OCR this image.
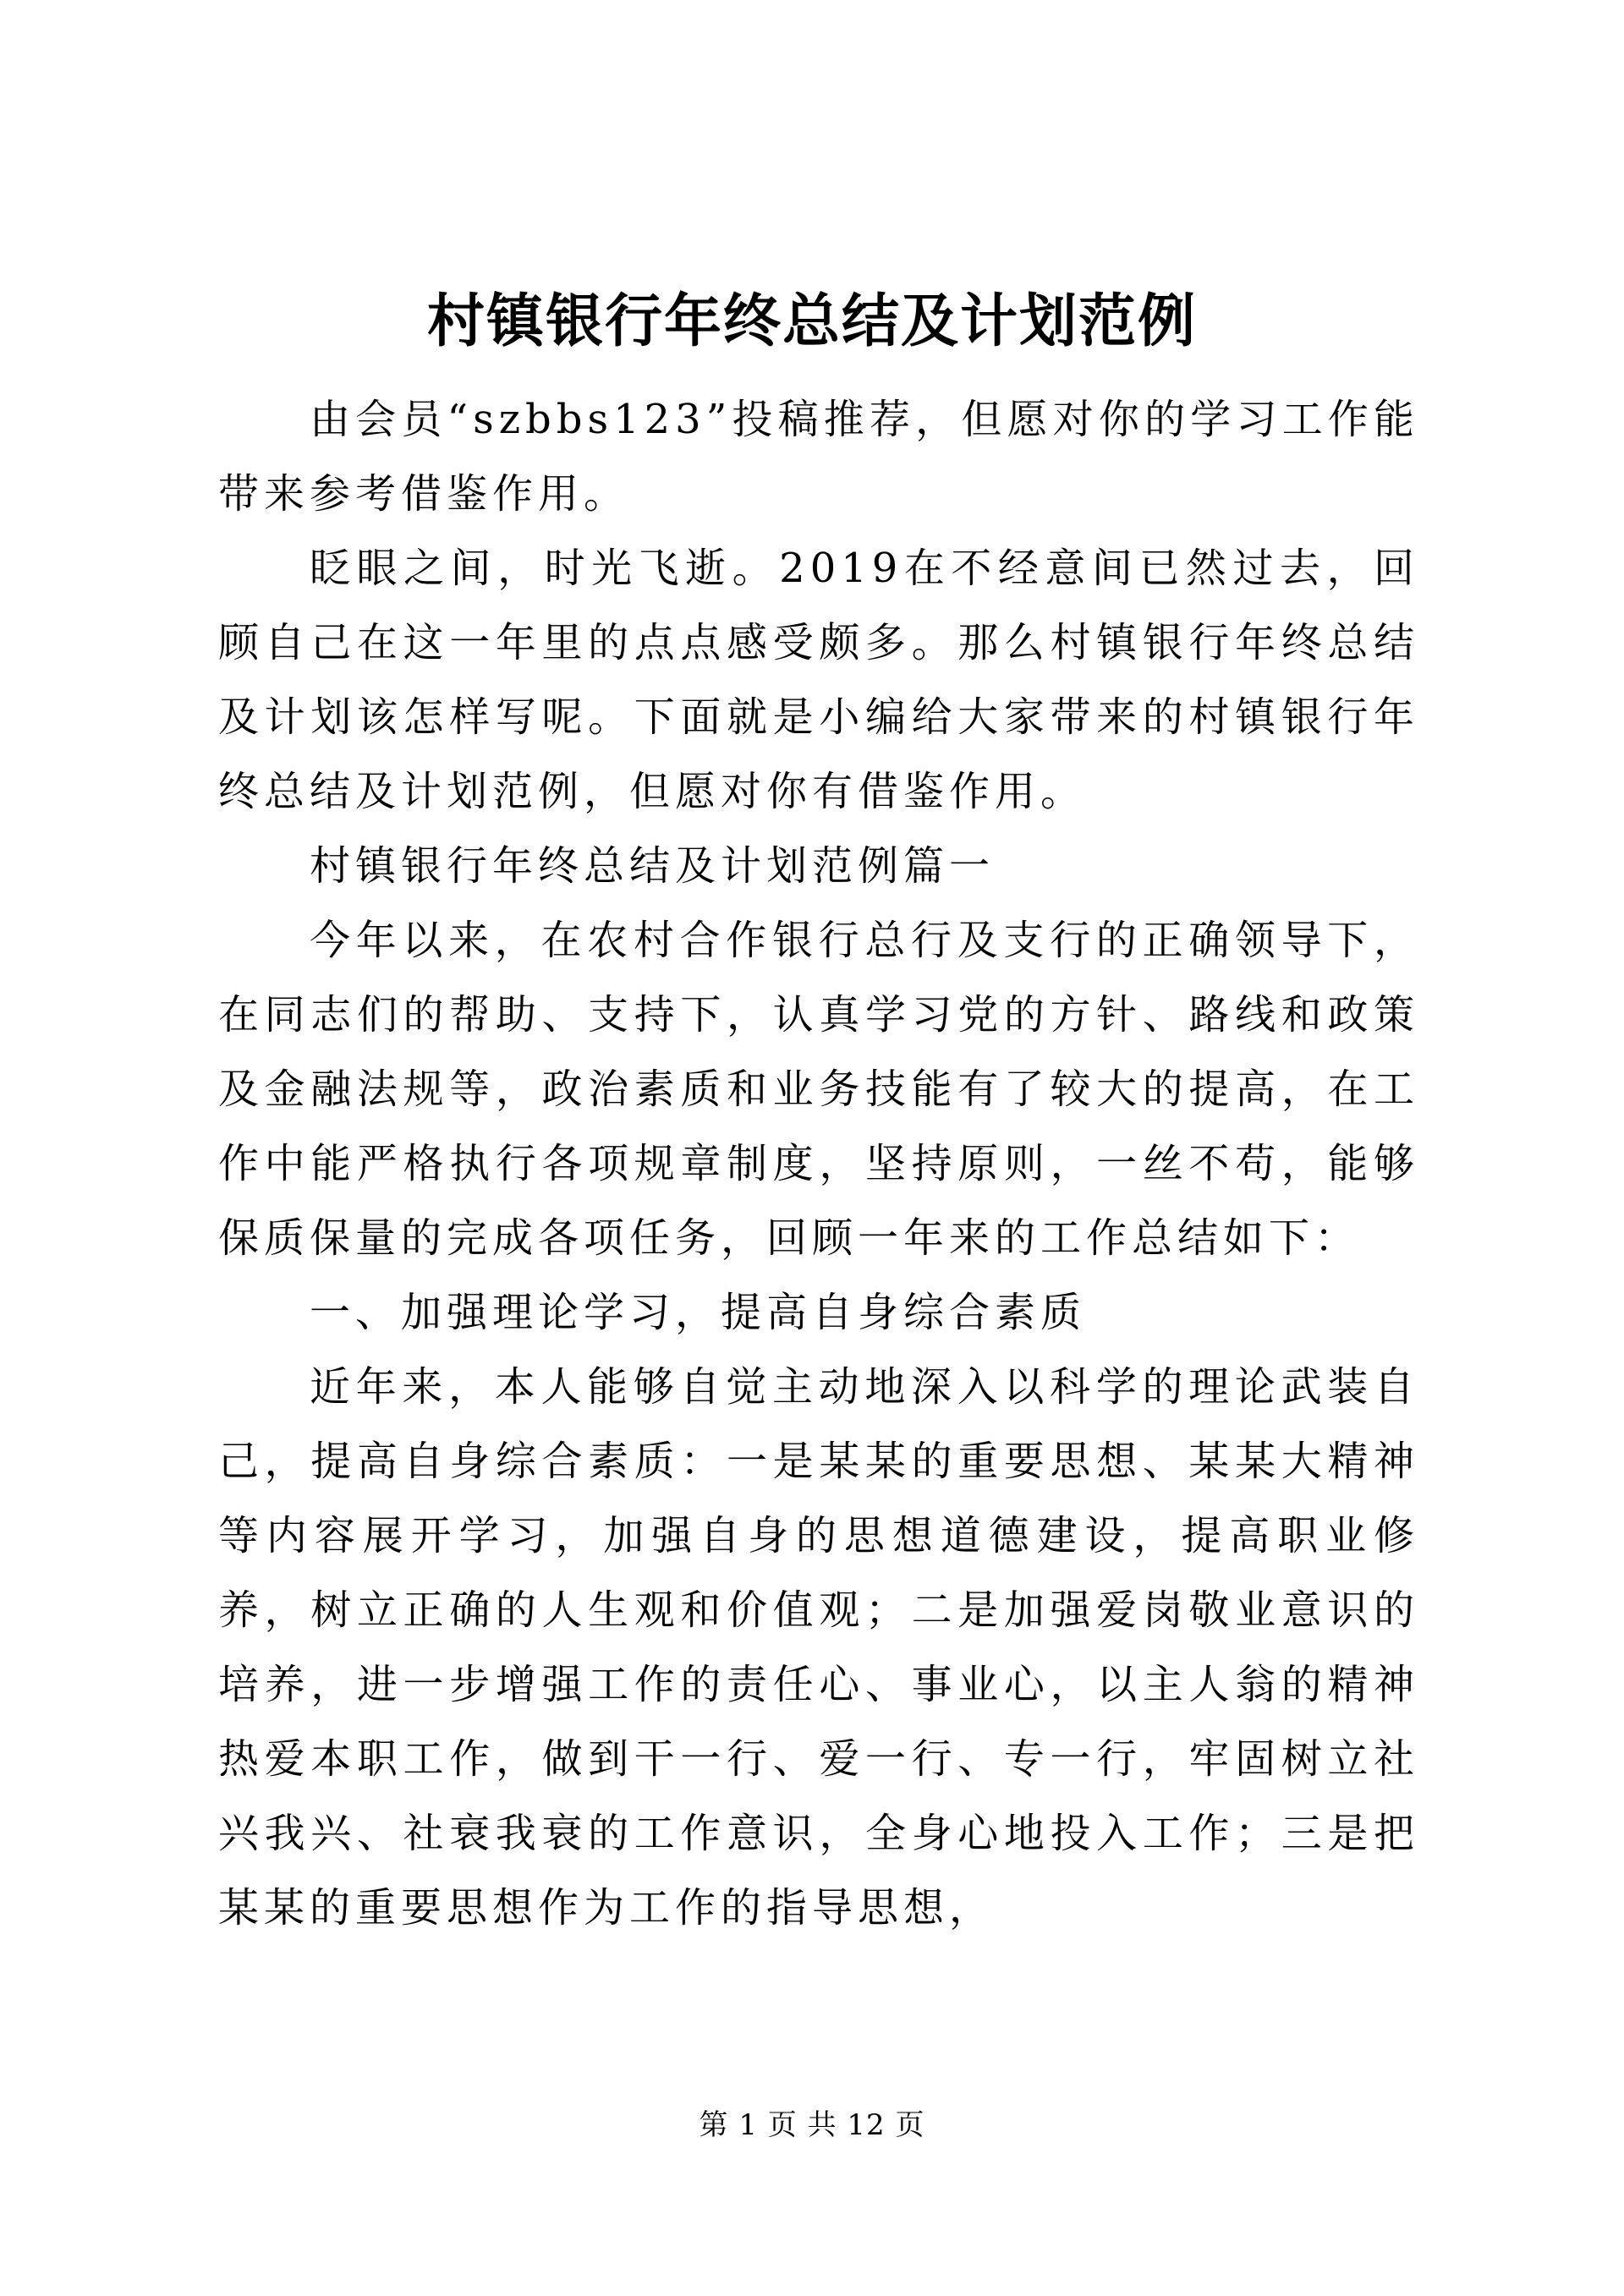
村镇银行年终总结及计划范例

由会员“szbbs123”投稿推荐，但愿对你的学习工作能带来参考借鉴作用。

眨眼之间，时光飞逝。2019在不经意间已然过去，回顾自己在这一年里的点点感受颇多。那么村镇银行年终总结及计划该怎样写呢。下面就是小编给大家带来的村镇银行年终总结及计划范例，但愿对你有借鉴作用。

村镇银行年终总结及计划范例篇一

今年以来，在农村合作银行总行及支行的正确领导下，在同志们的帮助、支持下，认真学习党的方针、路线和政策及金融法规等，政治素质和业务技能有了较大的提高，在工作中能严格执行各项规章制度，坚持原则，一丝不苟，能够保质保量的完成各项任务，回顾一年来的工作总结如下：

一、加强理论学习，提高自身综合素质

近年来，本人能够自觉主动地深入以科学的理论武装自己，提高自身综合素质：一是某某的重要思想、某某大精神等内容展开学习，加强自身的思想道德建设，提高职业修养，树立正确的人生观和价值观；二是加强爱岗敬业意识的培养，进一步增强工作的责任心、事业心，以主人翁的精神热爱本职工作，做到干一行、爱一行、专一行，牢固树立社兴我兴、社衰我衰的工作意识，全身心地投入工作；三是把某某的重要思想作为工作的指导思想，

第 1 页 共 12 页
